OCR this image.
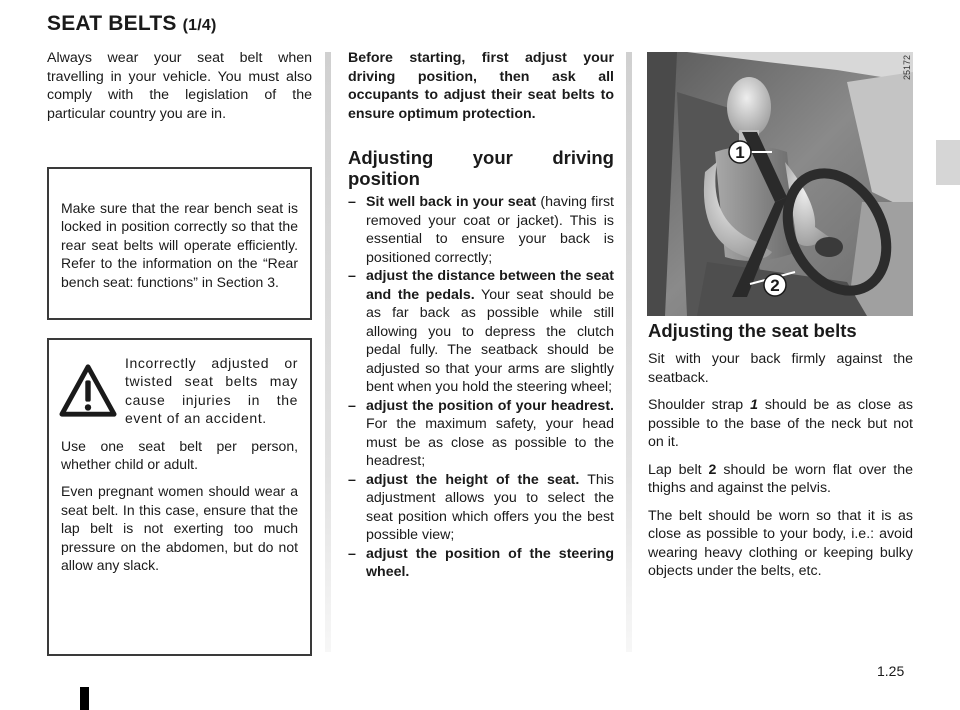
SEAT BELTS (1/4)
Always wear your seat belt when travelling in your vehicle. You must also comply with the legislation of the particular country you are in.

Make sure that the rear bench seat is locked in position correctly so that the rear seat belts will operate efficiently. Refer to the information on the “Rear bench seat: functions” in Section 3.

Incorrectly adjusted or twisted seat belts may cause injuries in the event of an accident.

Use one seat belt per person, whether child or adult.

Even pregnant women should wear a seat belt. In this case, ensure that the lap belt is not exerting too much pressure on the abdomen, but do not allow any slack.

Before starting, first adjust your driving position, then ask all occupants to adjust their seat belts to ensure optimum protection.

Adjusting your driving position
– Sit well back in your seat (having first removed your coat or jacket). This is essential to ensure your back is positioned correctly;
– adjust the distance between the seat and the pedals. Your seat should be as far back as possible while still allowing you to depress the clutch pedal fully. The seatback should be adjusted so that your arms are slightly bent when you hold the steering wheel;
– adjust the position of your headrest. For the maximum safety, your head must be as close as possible to the headrest;
– adjust the height of the seat. This adjustment allows you to select the seat position which offers you the best possible view;
– adjust the position of the steering wheel.
1
2
25172
Adjusting the seat belts

Sit with your back firmly against the seatback.

Shoulder strap 1 should be as close as possible to the base of the neck but not on it.

Lap belt 2 should be worn flat over the thighs and against the pelvis.

The belt should be worn so that it is as close as possible to your body, i.e.: avoid wearing heavy clothing or keeping bulky objects under the belts, etc.

1.25
